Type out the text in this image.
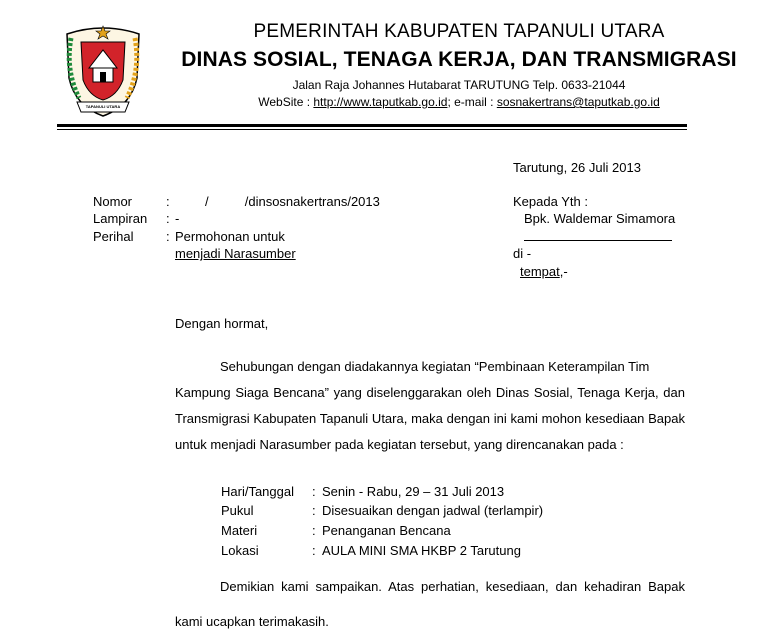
TAPANULI UTARA
PEMERINTAH KABUPATEN TAPANULI UTARA
DINAS SOSIAL, TENAGA KERJA, DAN TRANSMIGRASI
Jalan Raja Johannes Hutabarat TARUTUNG Telp. 0633-21044
WebSite : http://www.taputkab.go.id; e-mail : sosnakertrans@taputkab.go.id
Tarutung, 26 Juli 2013
Nomor	:	/          /dinsosnakertrans/2013
Lampiran : -
Perihal	: Permohonan untuk
menjadi Narasumber
Kepada Yth :
Bpk. Waldemar Simamora
di -
tempat,-
Dengan hormat,
Sehubungan dengan diadakannya kegiatan “Pembinaan Keterampilan Tim
Kampung Siaga Bencana” yang diselenggarakan oleh Dinas Sosial, Tenaga Kerja, dan
Transmigrasi Kabupaten Tapanuli Utara, maka dengan ini kami mohon kesediaan Bapak
untuk menjadi Narasumber pada kegiatan tersebut, yang direncanakan pada :
Hari/Tanggal : Senin - Rabu, 29 – 31 Juli 2013
Pukul	: Disesuaikan dengan jadwal (terlampir)
Materi	: Penanganan Bencana
Lokasi	: AULA MINI SMA HKBP 2 Tarutung
Demikian kami sampaikan. Atas perhatian, kesediaan, dan kehadiran Bapak
kami ucapkan terimakasih.
